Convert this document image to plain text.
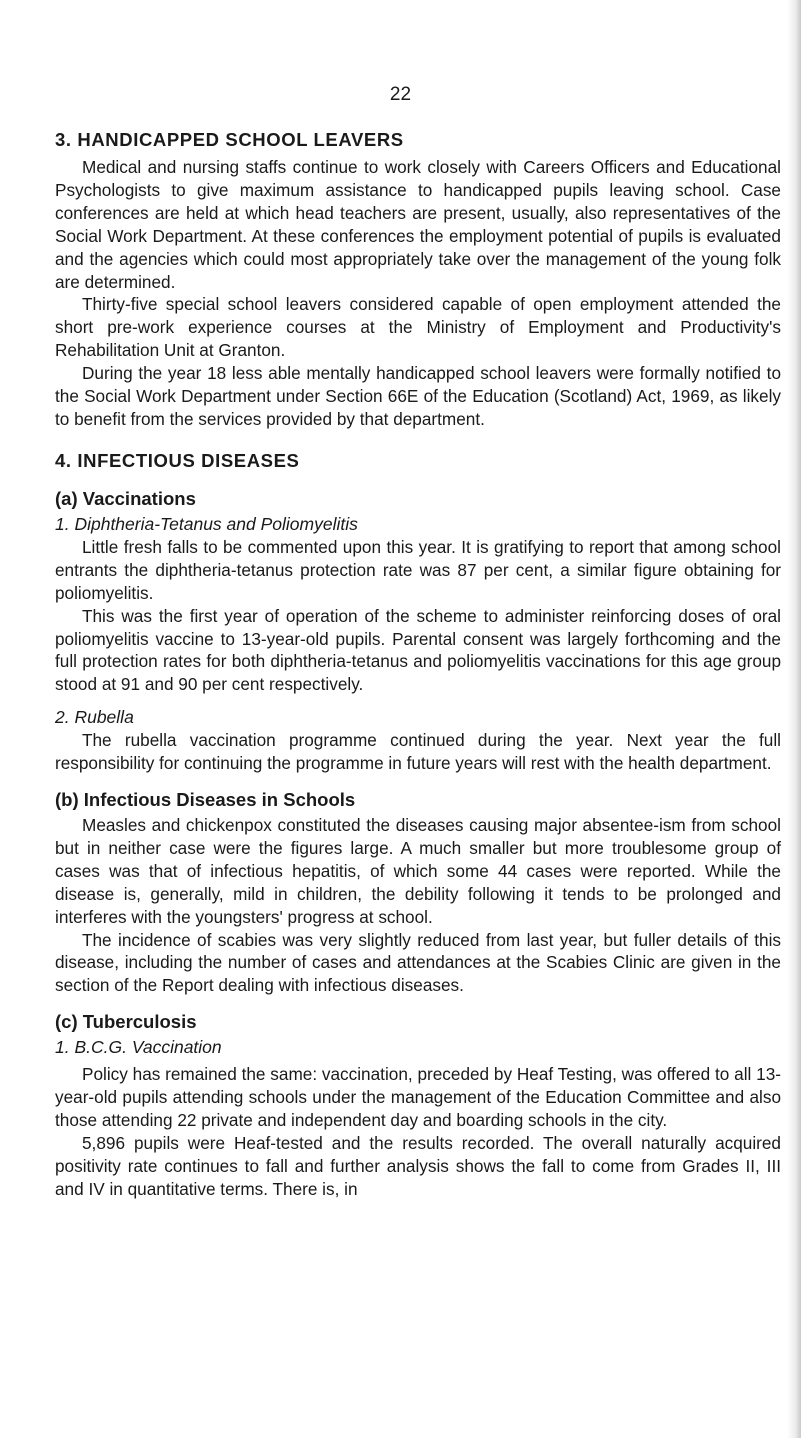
22
3. HANDICAPPED SCHOOL LEAVERS

Medical and nursing staffs continue to work closely with Careers Officers and Educational Psychologists to give maximum assistance to handicapped pupils leaving school. Case conferences are held at which head teachers are present, usually, also representatives of the Social Work Department. At these conferences the employment potential of pupils is evaluated and the agencies which could most appropriately take over the management of the young folk are determined.

Thirty-five special school leavers considered capable of open employment attended the short pre-work experience courses at the Ministry of Employment and Productivity's Rehabilitation Unit at Granton.

During the year 18 less able mentally handicapped school leavers were formally notified to the Social Work Department under Section 66E of the Education (Scotland) Act, 1969, as likely to benefit from the services provided by that department.

4. INFECTIOUS DISEASES
(a) Vaccinations
1. Diphtheria-Tetanus and Poliomyelitis

Little fresh falls to be commented upon this year. It is gratifying to report that among school entrants the diphtheria-tetanus protection rate was 87 per cent, a similar figure obtaining for poliomyelitis.

This was the first year of operation of the scheme to administer reinforcing doses of oral poliomyelitis vaccine to 13-year-old pupils. Parental consent was largely forthcoming and the full protection rates for both diphtheria-tetanus and poliomyelitis vaccinations for this age group stood at 91 and 90 per cent respectively.

2. Rubella

The rubella vaccination programme continued during the year. Next year the full responsibility for continuing the programme in future years will rest with the health department.

(b) Infectious Diseases in Schools

Measles and chickenpox constituted the diseases causing major absentee-ism from school but in neither case were the figures large. A much smaller but more troublesome group of cases was that of infectious hepatitis, of which some 44 cases were reported. While the disease is, generally, mild in children, the debility following it tends to be prolonged and interferes with the youngsters' progress at school.

The incidence of scabies was very slightly reduced from last year, but fuller details of this disease, including the number of cases and attendances at the Scabies Clinic are given in the section of the Report dealing with infectious diseases.

(c) Tuberculosis
1. B.C.G. Vaccination

Policy has remained the same: vaccination, preceded by Heaf Testing, was offered to all 13-year-old pupils attending schools under the management of the Education Committee and also those attending 22 private and independent day and boarding schools in the city.

5,896 pupils were Heaf-tested and the results recorded. The overall naturally acquired positivity rate continues to fall and further analysis shows the fall to come from Grades II, III and IV in quantitative terms. There is, in
